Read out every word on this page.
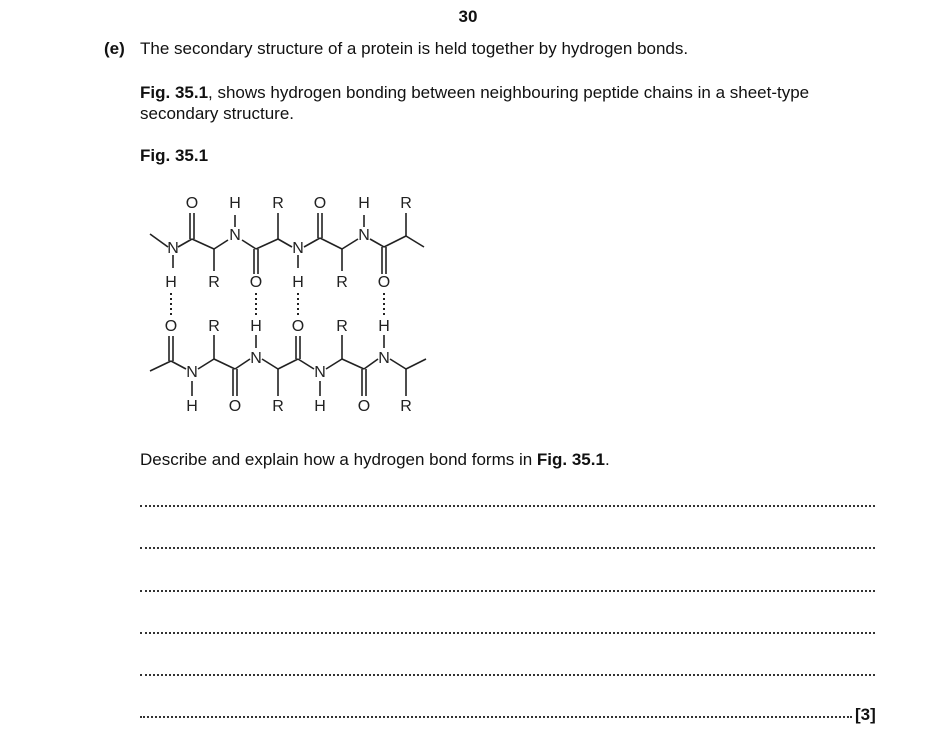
30
(e) The secondary structure of a protein is held together by hydrogen bonds.
Fig. 35.1, shows hydrogen bonding between neighbouring peptide chains in a sheet-type secondary structure.
Fig. 35.1
O H
N
R O H
N
R
N	N
H R O H R O
O R H O R H
N	N
N	N
H O R H O R
Describe and explain how a hydrogen bond forms in Fig. 35.1.
[3]
